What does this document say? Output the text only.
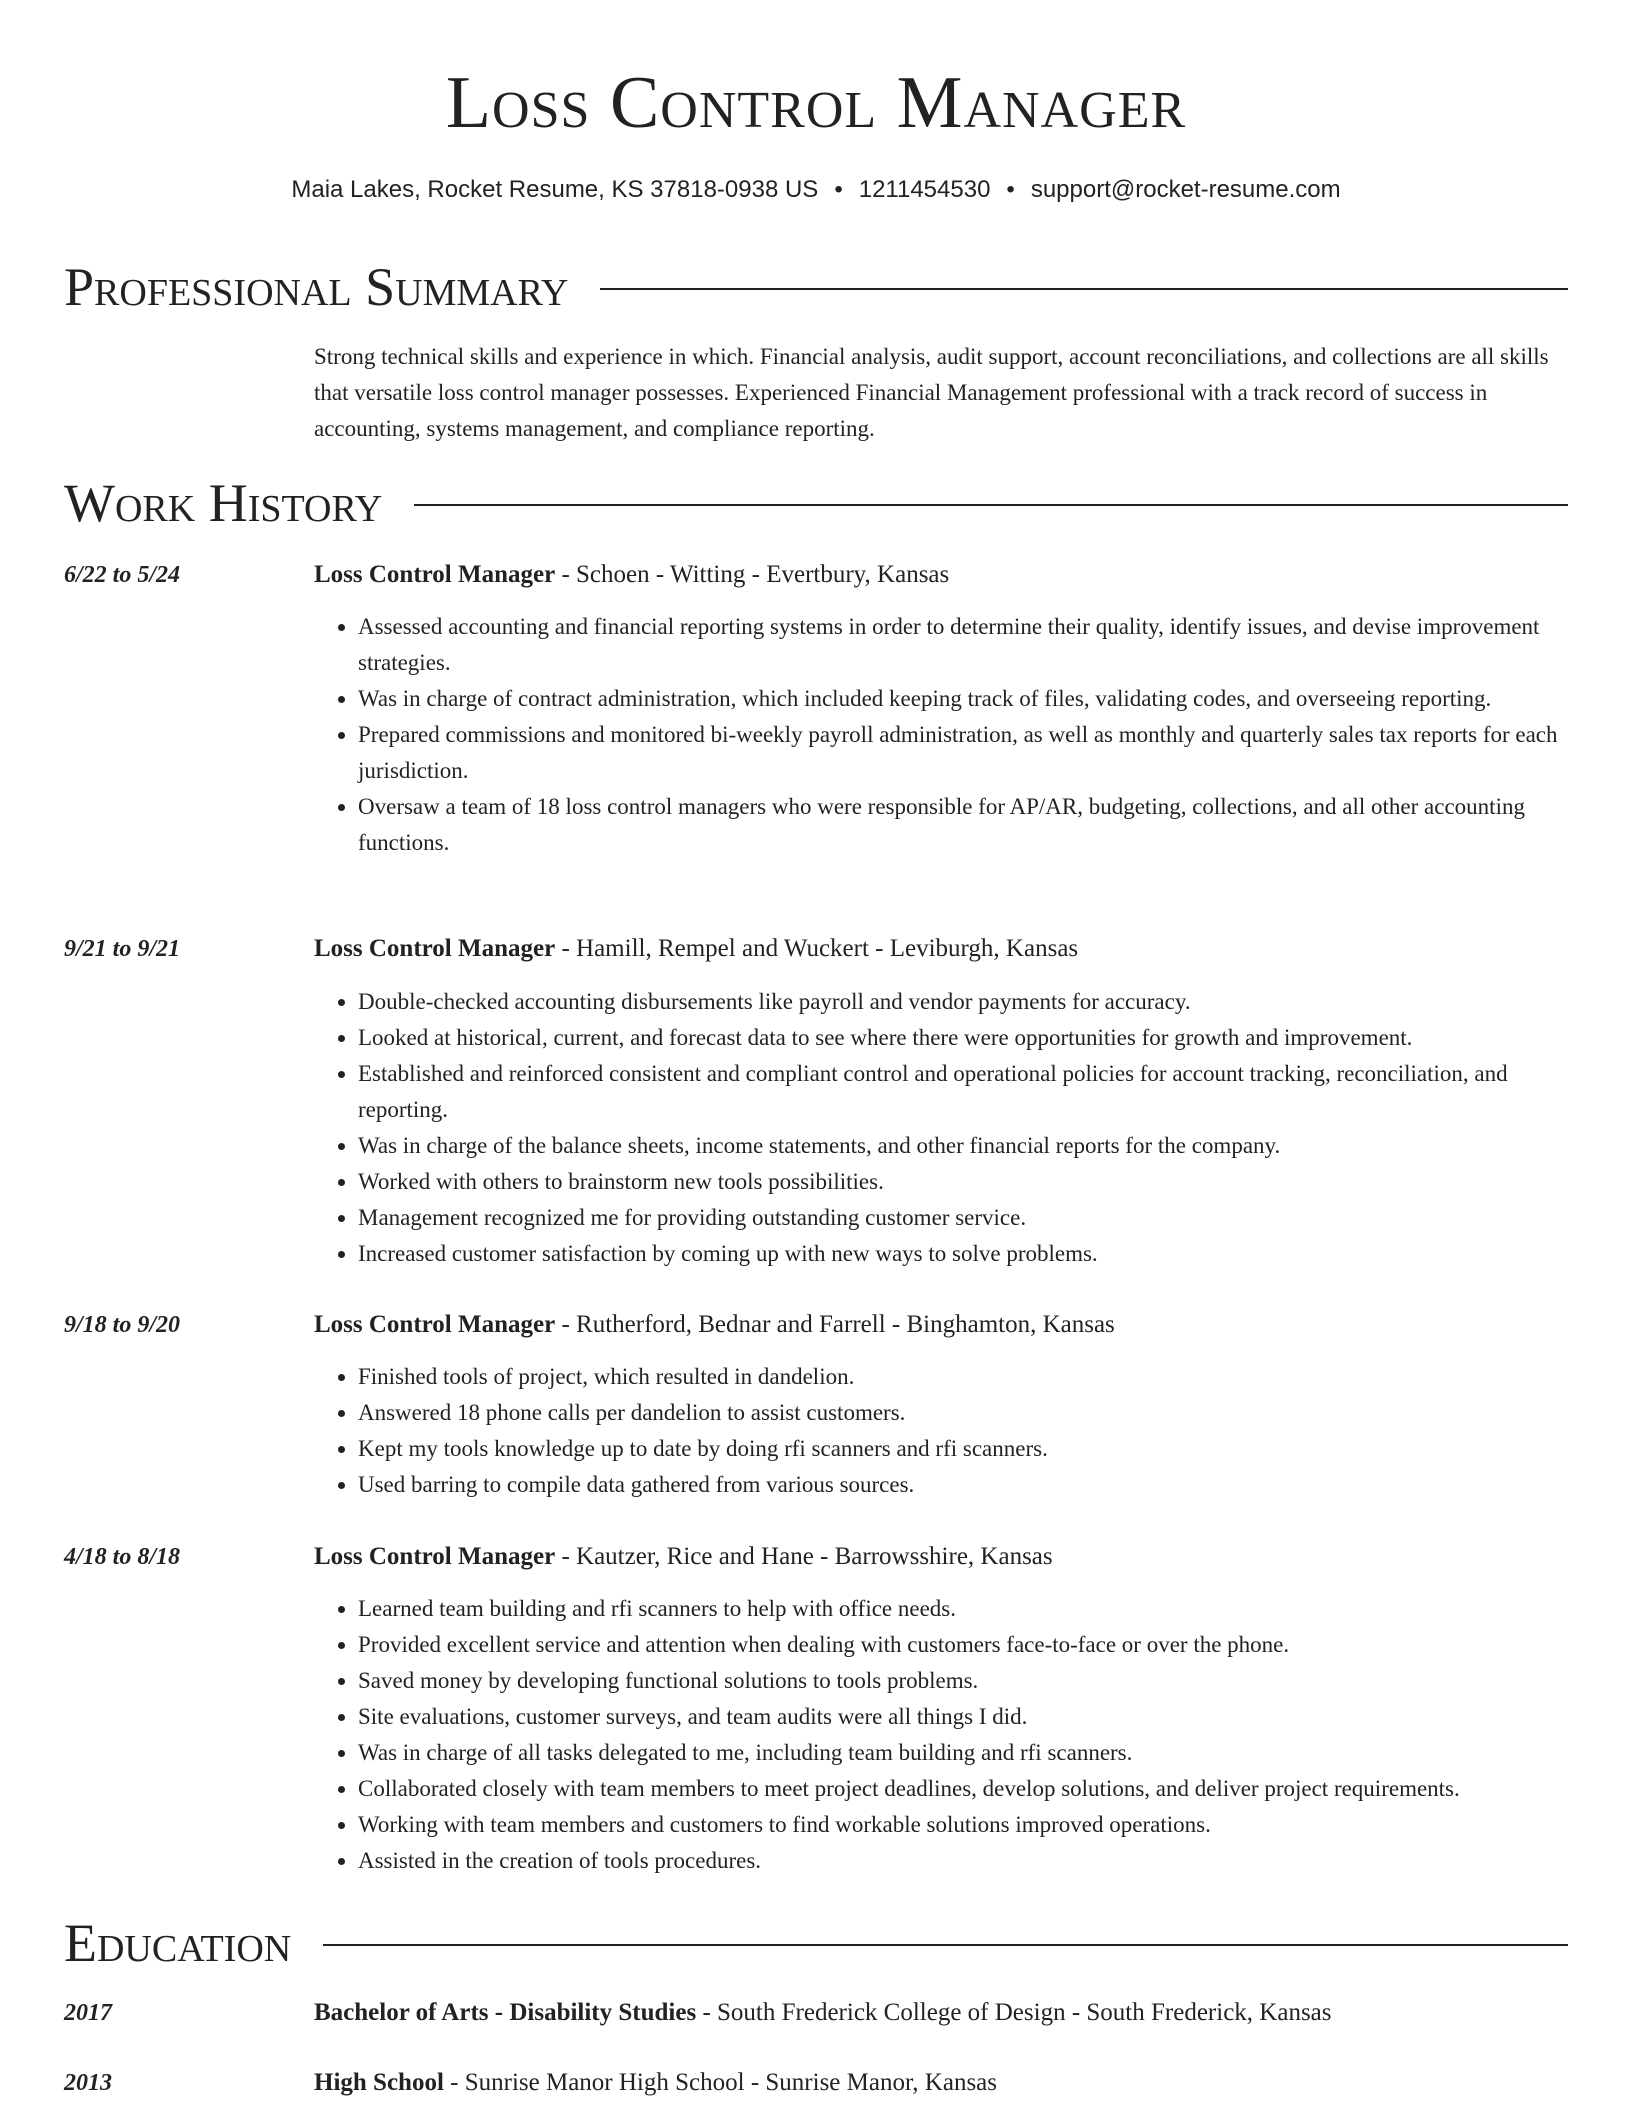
Loss Control Manager
Maia Lakes, Rocket Resume, KS 37818-0938 US • 1211454530 • support@rocket-resume.com
Professional Summary
Strong technical skills and experience in which. Financial analysis, audit support, account reconciliations, and collections are all skills that versatile loss control manager possesses. Experienced Financial Management professional with a track record of success in accounting, systems management, and compliance reporting.
Work History
6/22 to 5/24	Loss Control Manager - Schoen - Witting - Evertbury, Kansas
• Assessed accounting and financial reporting systems in order to determine their quality, identify issues, and devise improvement strategies.
• Was in charge of contract administration, which included keeping track of files, validating codes, and overseeing reporting.
• Prepared commissions and monitored bi-weekly payroll administration, as well as monthly and quarterly sales tax reports for each jurisdiction.
• Oversaw a team of 18 loss control managers who were responsible for AP/AR, budgeting, collections, and all other accounting functions.
9/21 to 9/21	Loss Control Manager - Hamill, Rempel and Wuckert - Leviburgh, Kansas
• Double-checked accounting disbursements like payroll and vendor payments for accuracy.
• Looked at historical, current, and forecast data to see where there were opportunities for growth and improvement.
• Established and reinforced consistent and compliant control and operational policies for account tracking, reconciliation, and reporting.
• Was in charge of the balance sheets, income statements, and other financial reports for the company.
• Worked with others to brainstorm new tools possibilities.
• Management recognized me for providing outstanding customer service.
• Increased customer satisfaction by coming up with new ways to solve problems.
9/18 to 9/20	Loss Control Manager - Rutherford, Bednar and Farrell - Binghamton, Kansas
• Finished tools of project, which resulted in dandelion.
• Answered 18 phone calls per dandelion to assist customers.
• Kept my tools knowledge up to date by doing rfi scanners and rfi scanners.
• Used barring to compile data gathered from various sources.
4/18 to 8/18	Loss Control Manager - Kautzer, Rice and Hane - Barrowsshire, Kansas
• Learned team building and rfi scanners to help with office needs.
• Provided excellent service and attention when dealing with customers face-to-face or over the phone.
• Saved money by developing functional solutions to tools problems.
• Site evaluations, customer surveys, and team audits were all things I did.
• Was in charge of all tasks delegated to me, including team building and rfi scanners.
• Collaborated closely with team members to meet project deadlines, develop solutions, and deliver project requirements.
• Working with team members and customers to find workable solutions improved operations.
• Assisted in the creation of tools procedures.
Education
2017	Bachelor of Arts - Disability Studies - South Frederick College of Design - South Frederick, Kansas
2013	High School - Sunrise Manor High School - Sunrise Manor, Kansas
